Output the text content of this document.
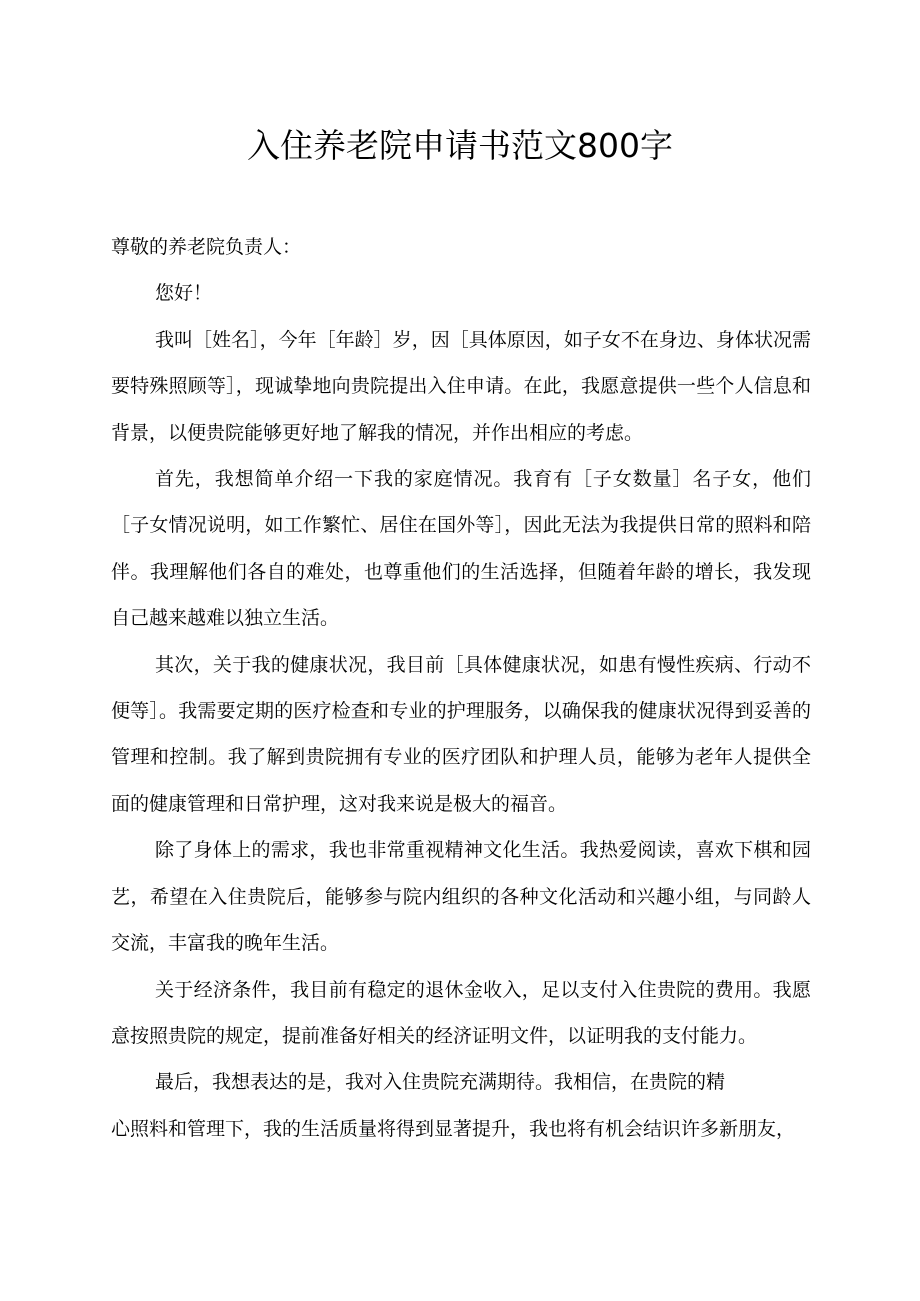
入住养老院申请书范文800字

尊敬的养老院负责人：

您好！

我叫［姓名］，今年［年龄］岁，因［具体原因，如子女不在身边、身体状况需要特殊照顾等］，现诚挚地向贵院提出入住申请。在此，我愿意提供一些个人信息和背景，以便贵院能够更好地了解我的情况，并作出相应的考虑。

首先，我想简单介绍一下我的家庭情况。我育有［子女数量］名子女，他们［子女情况说明，如工作繁忙、居住在国外等］，因此无法为我提供日常的照料和陪伴。我理解他们各自的难处，也尊重他们的生活选择，但随着年龄的增长，我发现自己越来越难以独立生活。

其次，关于我的健康状况，我目前［具体健康状况，如患有慢性疾病、行动不便等］。我需要定期的医疗检查和专业的护理服务，以确保我的健康状况得到妥善的管理和控制。我了解到贵院拥有专业的医疗团队和护理人员，能够为老年人提供全面的健康管理和日常护理，这对我来说是极大的福音。

除了身体上的需求，我也非常重视精神文化生活。我热爱阅读，喜欢下棋和园艺，希望在入住贵院后，能够参与院内组织的各种文化活动和兴趣小组，与同龄人交流，丰富我的晚年生活。

关于经济条件，我目前有稳定的退休金收入，足以支付入住贵院的费用。我愿意按照贵院的规定，提前准备好相关的经济证明文件，以证明我的支付能力。

最后，我想表达的是，我对入住贵院充满期待。我相信，在贵院的精

心照料和管理下，我的生活质量将得到显著提升，我也将有机会结识许多新朋友，
